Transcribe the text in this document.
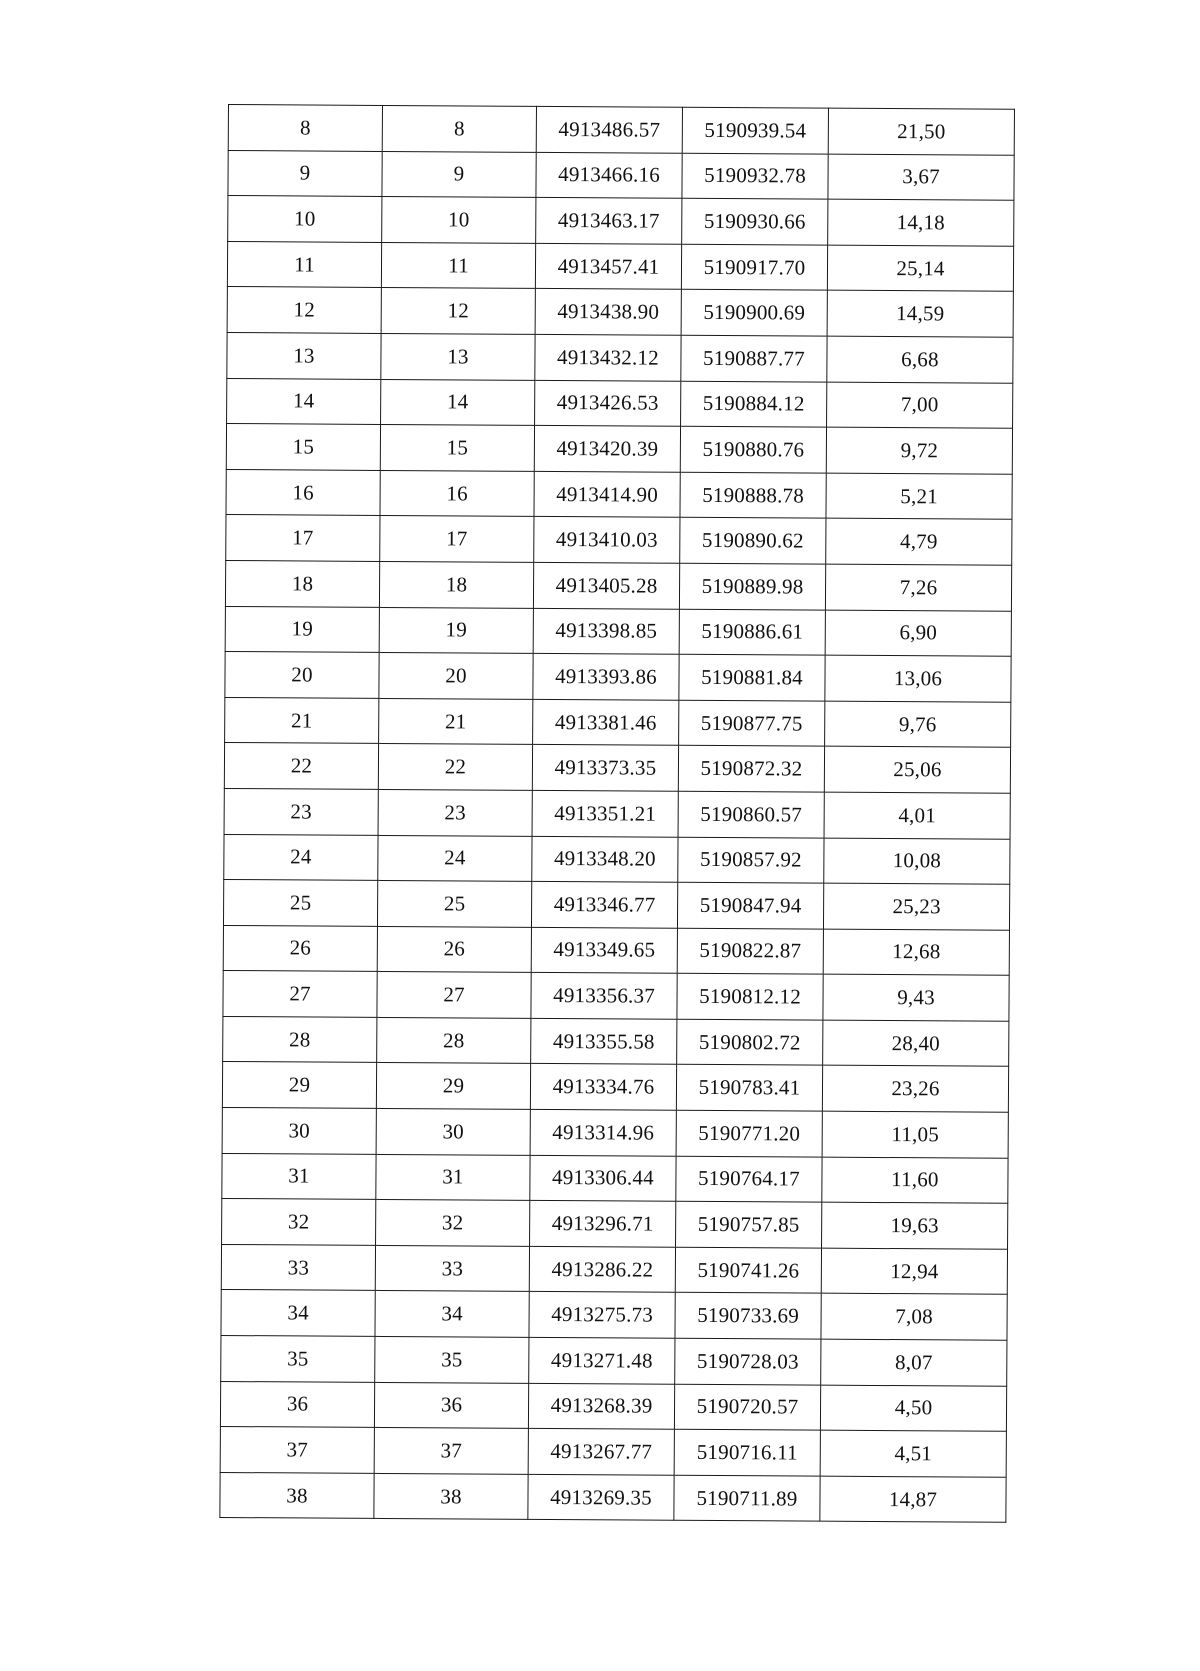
8	8	4913486.57	5190939.54	21,50
9	9	4913466.16	5190932.78	3,67
10	10	4913463.17	5190930.66	14,18
11	11	4913457.41	5190917.70	25,14
12	12	4913438.90	5190900.69	14,59
13	13	4913432.12	5190887.77	6,68
14	14	4913426.53	5190884.12	7,00
15	15	4913420.39	5190880.76	9,72
16	16	4913414.90	5190888.78	5,21
17	17	4913410.03	5190890.62	4,79
18	18	4913405.28	5190889.98	7,26
19	19	4913398.85	5190886.61	6,90
20	20	4913393.86	5190881.84	13,06
21	21	4913381.46	5190877.75	9,76
22	22	4913373.35	5190872.32	25,06
23	23	4913351.21	5190860.57	4,01
24	24	4913348.20	5190857.92	10,08
25	25	4913346.77	5190847.94	25,23
26	26	4913349.65	5190822.87	12,68
27	27	4913356.37	5190812.12	9,43
28	28	4913355.58	5190802.72	28,40
29	29	4913334.76	5190783.41	23,26
30	30	4913314.96	5190771.20	11,05
31	31	4913306.44	5190764.17	11,60
32	32	4913296.71	5190757.85	19,63
33	33	4913286.22	5190741.26	12,94
34	34	4913275.73	5190733.69	7,08
35	35	4913271.48	5190728.03	8,07
36	36	4913268.39	5190720.57	4,50
37	37	4913267.77	5190716.11	4,51
38	38	4913269.35	5190711.89	14,87
